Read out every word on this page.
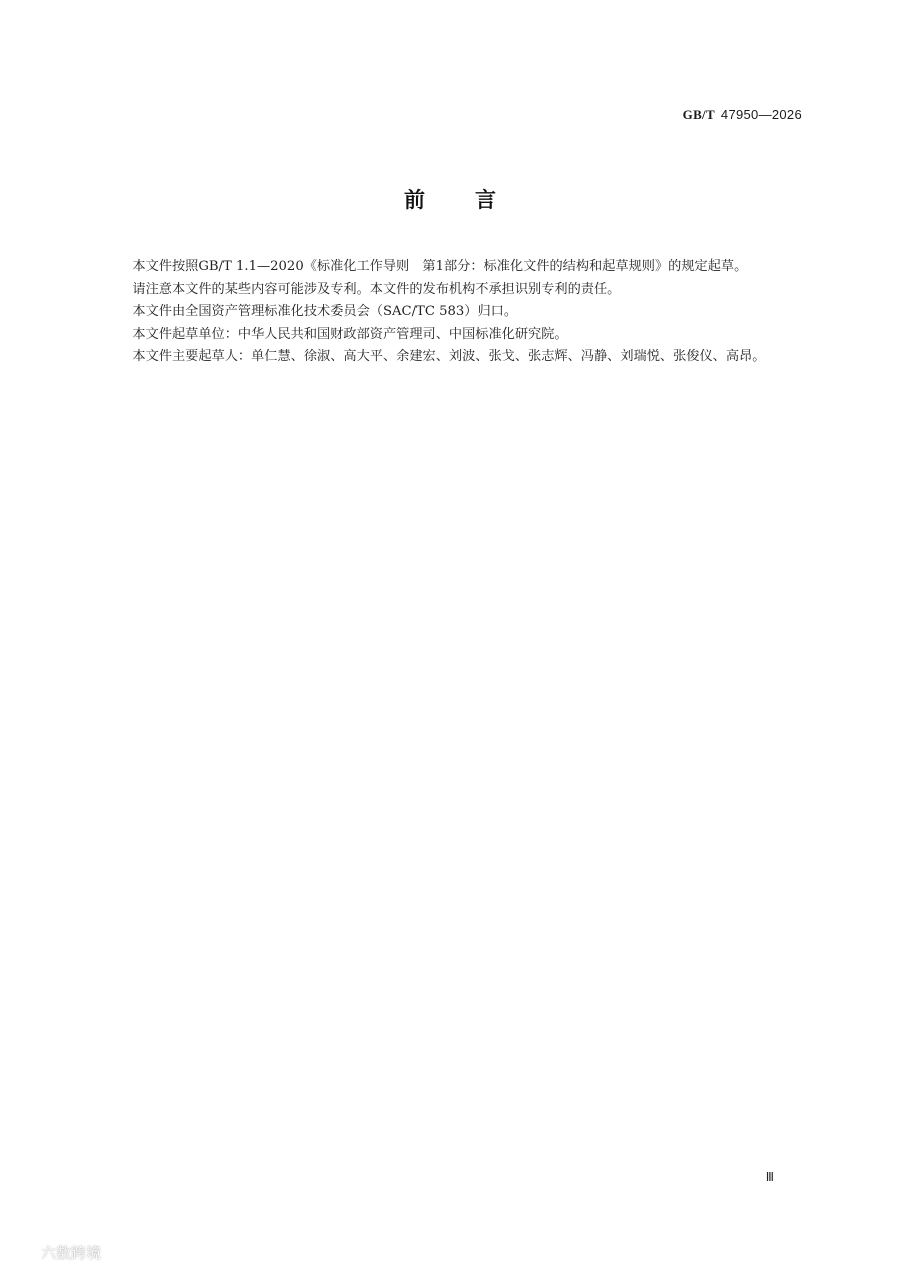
GB/T 47950—2026
前言

本文件按照GB/T 1.1—2020《标准化工作导则　第1部分：标准化文件的结构和起草规则》的规定起草。

请注意本文件的某些内容可能涉及专利。本文件的发布机构不承担识别专利的责任。

本文件由全国资产管理标准化技术委员会（SAC/TC 583）归口。

本文件起草单位：中华人民共和国财政部资产管理司、中国标准化研究院。

本文件主要起草人：单仁慧、徐淑、高大平、余建宏、刘波、张戈、张志辉、冯静、刘瑞悦、张俊仪、高昂。

Ⅲ
六数跨境
